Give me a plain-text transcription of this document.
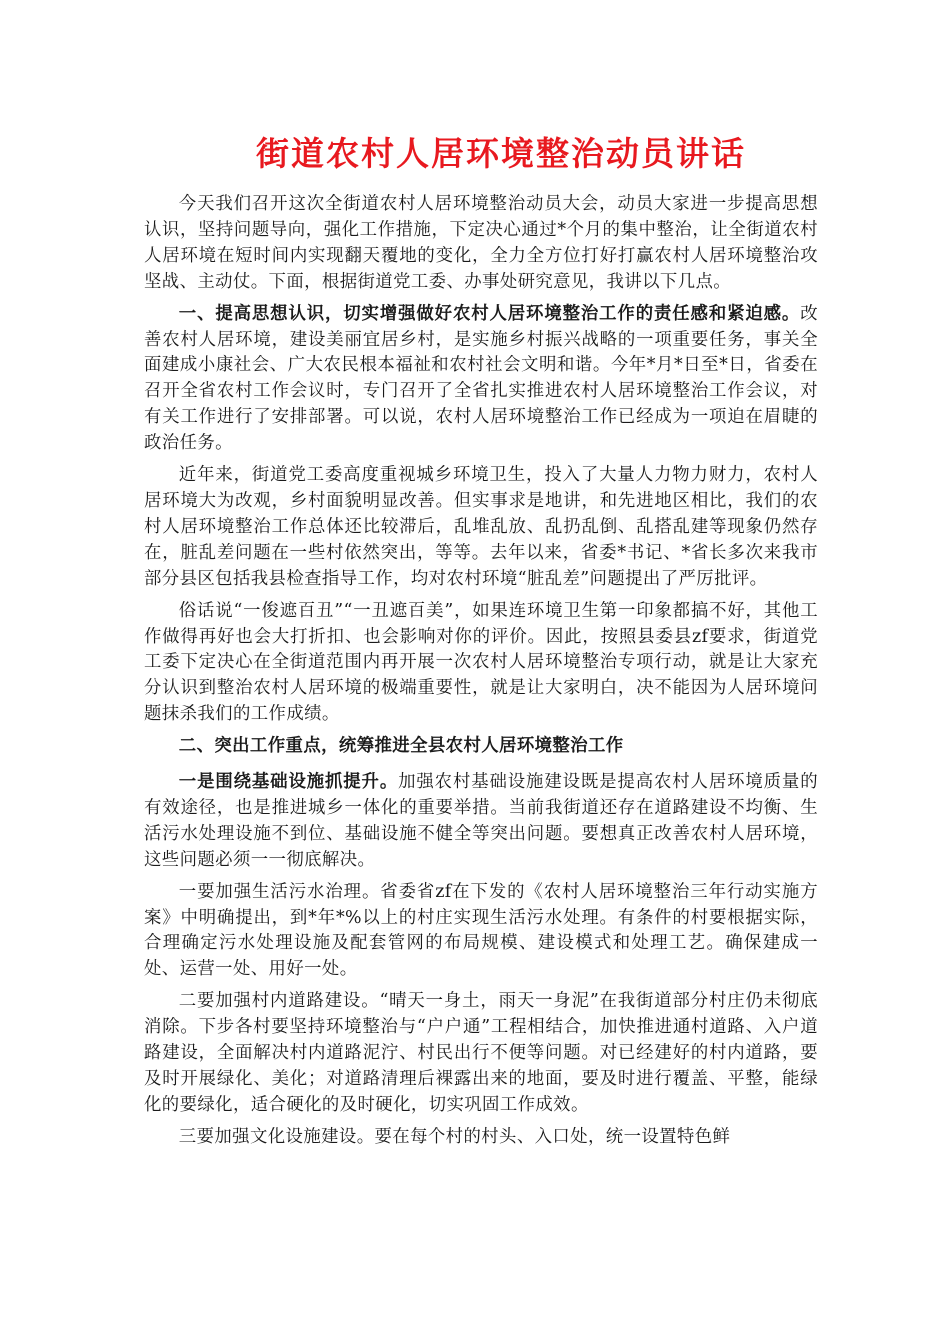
街道农村人居环境整治动员讲话

今天我们召开这次全街道农村人居环境整治动员大会，动员大家进一步提高思想认识，坚持问题导向，强化工作措施，下定决心通过*个月的集中整治，让全街道农村人居环境在短时间内实现翻天覆地的变化，全力全方位打好打赢农村人居环境整治攻坚战、主动仗。下面，根据街道党工委、办事处研究意见，我讲以下几点。

一、提高思想认识，切实增强做好农村人居环境整治工作的责任感和紧迫感。改善农村人居环境，建设美丽宜居乡村，是实施乡村振兴战略的一项重要任务，事关全面建成小康社会、广大农民根本福祉和农村社会文明和谐。今年*月*日至*日，省委在召开全省农村工作会议时，专门召开了全省扎实推进农村人居环境整治工作会议，对有关工作进行了安排部署。可以说，农村人居环境整治工作已经成为一项迫在眉睫的政治任务。

近年来，街道党工委高度重视城乡环境卫生，投入了大量人力物力财力，农村人居环境大为改观，乡村面貌明显改善。但实事求是地讲，和先进地区相比，我们的农村人居环境整治工作总体还比较滞后，乱堆乱放、乱扔乱倒、乱搭乱建等现象仍然存在，脏乱差问题在一些村依然突出，等等。去年以来，省委*书记、*省长多次来我市部分县区包括我县检查指导工作，均对农村环境“脏乱差”问题提出了严厉批评。

俗话说“一俊遮百丑”“一丑遮百美”，如果连环境卫生第一印象都搞不好，其他工作做得再好也会大打折扣、也会影响对你的评价。因此，按照县委县zf要求，街道党工委下定决心在全街道范围内再开展一次农村人居环境整治专项行动，就是让大家充分认识到整治农村人居环境的极端重要性，就是让大家明白，决不能因为人居环境问题抹杀我们的工作成绩。

二、突出工作重点，统筹推进全县农村人居环境整治工作

一是围绕基础设施抓提升。加强农村基础设施建设既是提高农村人居环境质量的有效途径，也是推进城乡一体化的重要举措。当前我街道还存在道路建设不均衡、生活污水处理设施不到位、基础设施不健全等突出问题。要想真正改善农村人居环境，这些问题必须一一彻底解决。

一要加强生活污水治理。省委省zf在下发的《农村人居环境整治三年行动实施方案》中明确提出，到*年*%以上的村庄实现生活污水处理。有条件的村要根据实际，合理确定污水处理设施及配套管网的布局规模、建设模式和处理工艺。确保建成一处、运营一处、用好一处。

二要加强村内道路建设。“晴天一身土，雨天一身泥”在我街道部分村庄仍未彻底消除。下步各村要坚持环境整治与“户户通”工程相结合，加快推进通村道路、入户道路建设，全面解决村内道路泥泞、村民出行不便等问题。对已经建好的村内道路，要及时开展绿化、美化；对道路清理后裸露出来的地面，要及时进行覆盖、平整，能绿化的要绿化，适合硬化的及时硬化，切实巩固工作成效。

三要加强文化设施建设。要在每个村的村头、入口处，统一设置特色鲜
